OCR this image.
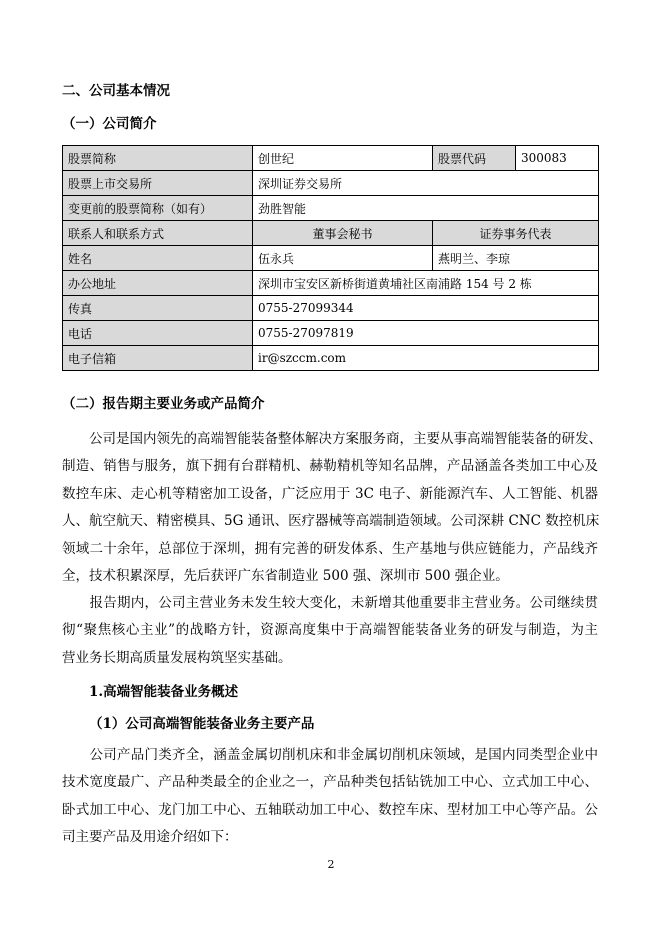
二、公司基本情况
（一）公司简介
股票简称	创世纪	股票代码	300083
股票上市交易所	深圳证券交易所		
变更前的股票简称（如有）	劲胜智能		
联系人和联系方式	董事会秘书	证券事务代表	
姓名	伍永兵	燕明兰、李琼	
办公地址	深圳市宝安区新桥街道黄埔社区南浦路 154 号 2 栋		
传真	0755-27099344		
电话	0755-27097819		
电子信箱	ir@szccm.com		
（二）报告期主要业务或产品简介
　　公司是国内领先的高端智能装备整体解决方案服务商，主要从事高端智能装备的研发、
制造、销售与服务，旗下拥有台群精机、赫勒精机等知名品牌，产品涵盖各类加工中心及
数控车床、走心机等精密加工设备，广泛应用于 3C 电子、新能源汽车、人工智能、机器
人、航空航天、精密模具、5G 通讯、医疗器械等高端制造领域。公司深耕 CNC 数控机床
领域二十余年，总部位于深圳，拥有完善的研发体系、生产基地与供应链能力，产品线齐
全，技术积累深厚，先后获评广东省制造业 500 强、深圳市 500 强企业。
　　报告期内，公司主营业务未发生较大变化，未新增其他重要非主营业务。公司继续贯
彻“聚焦核心主业”的战略方针，资源高度集中于高端智能装备业务的研发与制造，为主
营业务长期高质量发展构筑坚实基础。
1.高端智能装备业务概述
（1）公司高端智能装备业务主要产品
　　公司产品门类齐全，涵盖金属切削机床和非金属切削机床领域，是国内同类型企业中
技术宽度最广、产品种类最全的企业之一，产品种类包括钻铣加工中心、立式加工中心、
卧式加工中心、龙门加工中心、五轴联动加工中心、数控车床、型材加工中心等产品。公
司主要产品及用途介绍如下：
2
